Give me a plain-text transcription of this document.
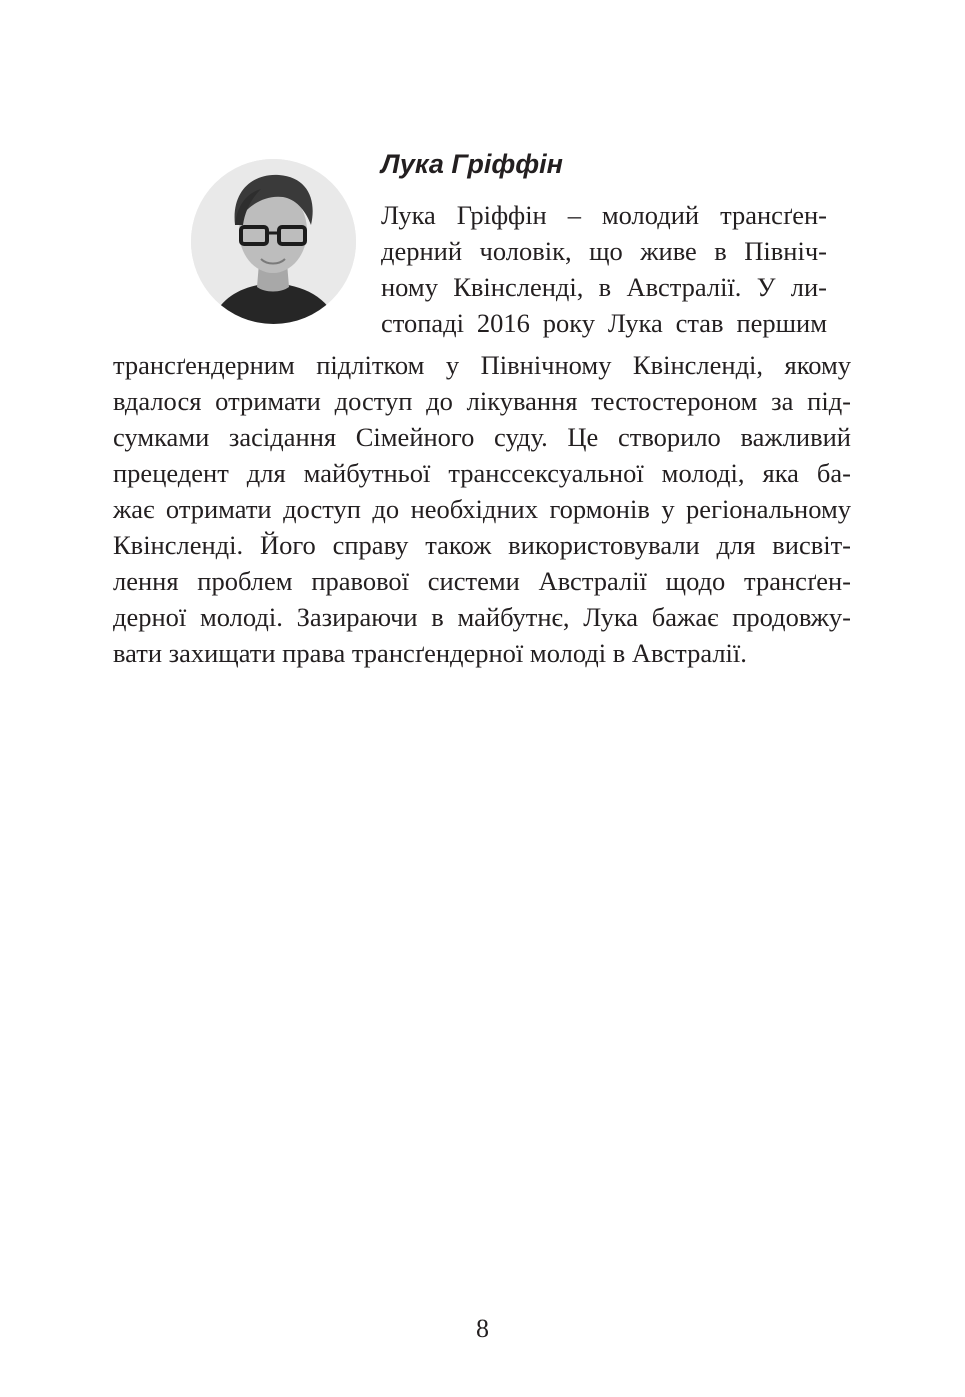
Лука Гріффін

Лука Гріффін – молодий трансґен-

дерний чоловік, що живе в Північ-

ному Квінсленді, в Австралії. У ли-

стопаді 2016 року Лука став першим

трансґендерним підлітком у Північному Квінсленді, якому

вдалося отримати доступ до лікування тестостероном за під-

сумками засідання Сімейного суду. Це створило важливий

прецедент для майбутньої транссексуальної молоді, яка ба-

жає отримати доступ до необхідних гормонів у регіональному

Квінсленді. Його справу також використовували для висвіт-

лення проблем правової системи Австралії щодо трансґен-

дерної молоді. Зазираючи в майбутнє, Лука бажає продовжу-

вати захищати права трансґендерної молоді в Австралії.

8
